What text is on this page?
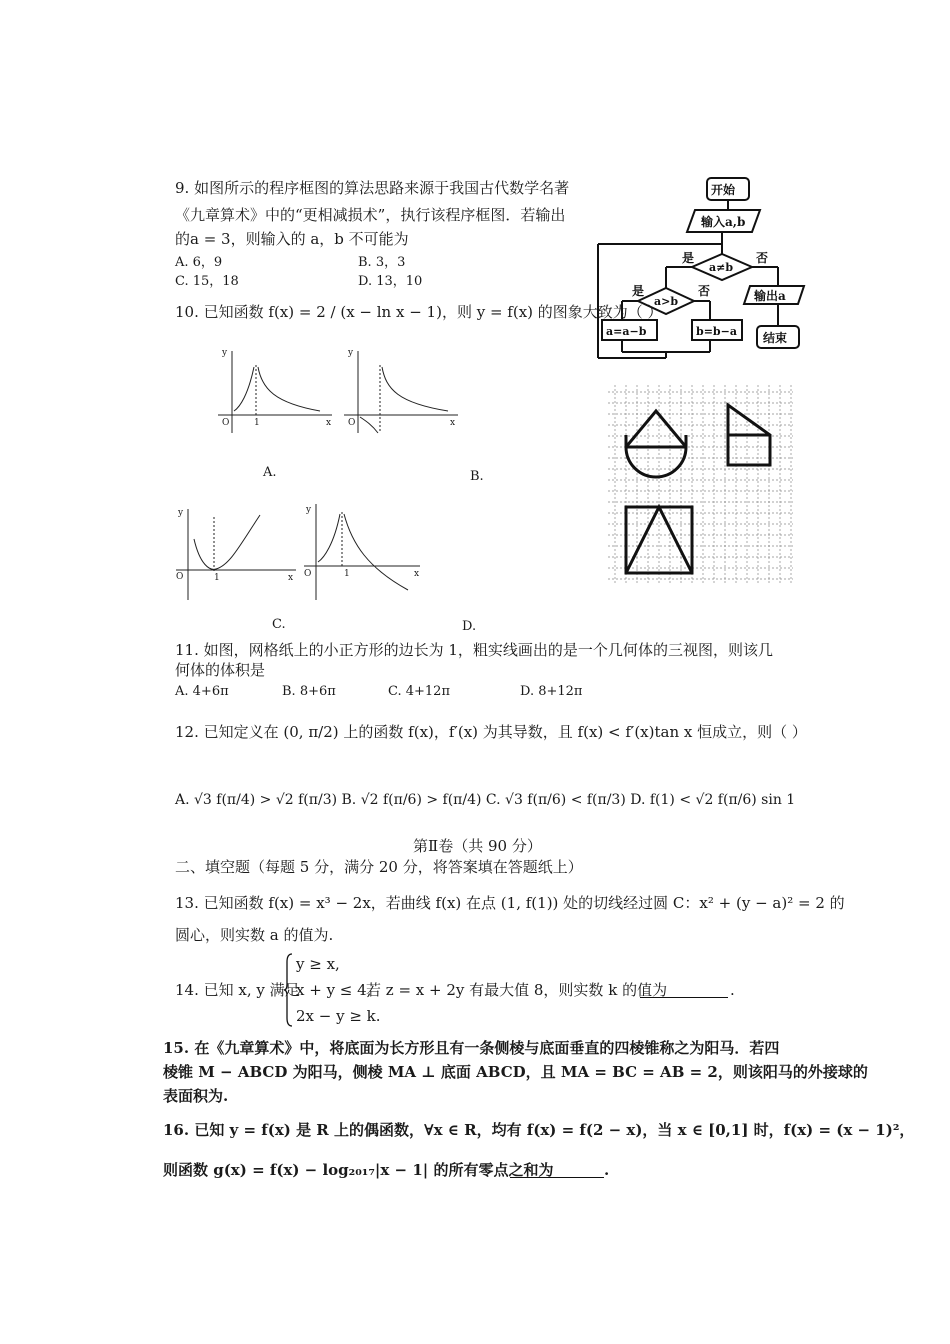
9. 如图所示的程序框图的算法思路来源于我国古代数学名著
《九章算术》中的“更相减损术”，执行该程序框图．若输出
的a = 3，则输入的 a，b 不可能为
A. 6，9	B. 3，3
C. 15，18	D. 13，10
开始
输入a,b
a≠b
是	否
输出a
结束
a>b
是	否
a=a−b	b=b−a
10. 已知函数 f(x) = 2 / (x − ln x − 1)，则 y = f(x) 的图象大致为（ ）
y
x
O	1
A.
y
x
O
B.
y
x
O	1
C.
y
x
O	1
D.
11. 如图，网格纸上的小正方形的边长为 1，粗实线画出的是一个几何体的三视图，则该几
何体的体积是
A. 4+6π	B. 8+6π	C. 4+12π	D. 8+12π
12. 已知定义在 (0, π/2) 上的函数 f(x)，f′(x) 为其导数，且 f(x) < f′(x)tan x 恒成立，则（ ）
A. √3 f(π/4) > √2 f(π/3) B. √2 f(π/6) > f(π/4) C. √3 f(π/6) < f(π/3) D. f(1) < √2 f(π/6) sin 1
第Ⅱ卷（共 90 分）
二、填空题（每题 5 分，满分 20 分，将答案填在答题纸上）
13. 已知函数 f(x) = x³ − 2x，若曲线 f(x) 在点 (1, f(1)) 处的切线经过圆 C：x² + (y − a)² = 2 的
圆心，则实数 a 的值为.
14. 已知 x, y 满足
y ≥ x,
x + y ≤ 4,
2x − y ≥ k.
若 z = x + 2y 有最大值 8，则实数 k 的值为	.
15. 在《九章算术》中，将底面为长方形且有一条侧棱与底面垂直的四棱锥称之为阳马．若四
棱锥 M − ABCD 为阳马，侧棱 MA ⊥ 底面 ABCD，且 MA = BC = AB = 2，则该阳马的外接球的
表面积为.
16. 已知 y = f(x) 是 R 上的偶函数，∀x ∈ R，均有 f(x) = f(2 − x)，当 x ∈ [0,1] 时，f(x) = (x − 1)²，
则函数 g(x) = f(x) − log₂₀₁₇|x − 1| 的所有零点之和为	.
